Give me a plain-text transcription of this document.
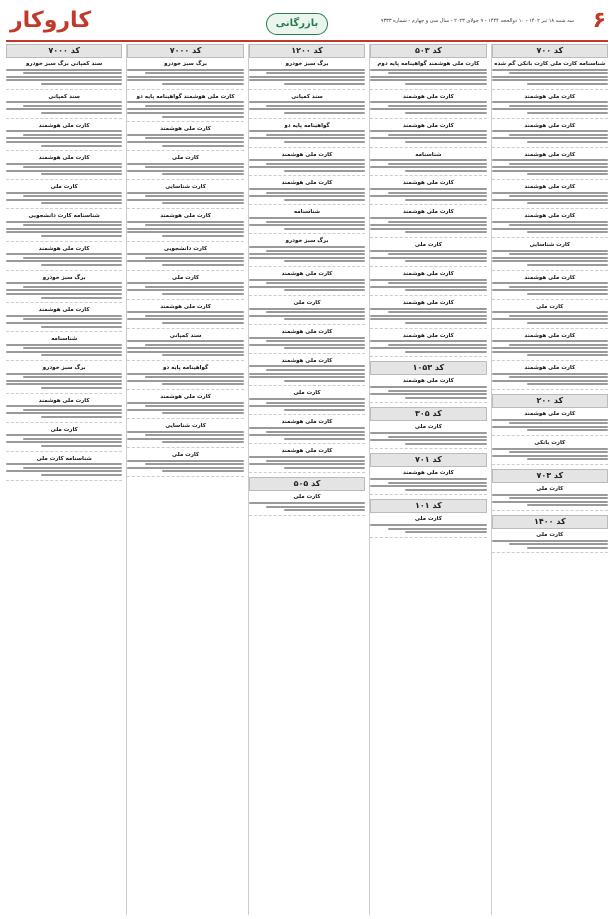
۶
سه شنبه ۱۸ تیر ۱۴۰۲ - ۱۰ ذوالحجه ۱۴۴۴ - ۹ جولای ۲۰۲۳ - سال سی و چهارم - شماره ۹۳۳۳
بازرگانی
کاروکار
کد ۷۰۰
شناسنامه کارت ملی کارت بانکی گم شده
کارت ملی هوشمند
کارت ملی هوشمند
کارت ملی هوشمند
کارت ملی هوشمند
کارت ملی هوشمند
کارت شناسایی
کارت ملی هوشمند
کارت ملی
کارت ملی هوشمند
کارت ملی هوشمند
کد ۲۰۰
کارت ملی هوشمند
کارت بانکی
کد ۷۰۳
کارت ملی
کد ۱۴۰۰
کارت ملی
کد ۵۰۳
کارت ملی هوشمند گواهینامه پایه دوم
کارت ملی هوشمند
کارت ملی هوشمند
شناسنامه
کارت ملی هوشمند
کارت ملی هوشمند
کارت ملی
کارت ملی هوشمند
کارت ملی هوشمند
کارت ملی هوشمند
کد ۱۰۵۳
کارت ملی هوشمند
کد ۳۰۵
کارت ملی
کد ۷۰۱
کارت ملی هوشمند
کد ۱۰۱
کارت ملی
کد ۱۲۰۰
برگ سبز خودرو
سند کمپانی
گواهینامه پایه دو
کارت ملی هوشمند
کارت ملی هوشمند
شناسنامه
برگ سبز خودرو
کارت ملی هوشمند
کارت ملی
کارت ملی هوشمند
کارت ملی هوشمند
کارت ملی
کارت ملی هوشمند
کارت ملی هوشمند
کد ۵۰۵
کارت ملی
کد ۷۰۰۰
برگ سبز خودرو
کارت ملی هوشمند گواهینامه پایه دو
کارت ملی هوشمند
کارت ملی
کارت شناسایی
کارت ملی هوشمند
کارت دانشجویی
کارت ملی
کارت ملی هوشمند
سند کمپانی
گواهینامه پایه دو
کارت ملی هوشمند
کارت شناسایی
کارت ملی
کد ۷۰۰۰
سند کمپانی برگ سبز خودرو
سند کمپانی
کارت ملی هوشمند
کارت ملی هوشمند
کارت ملی
شناسنامه کارت دانشجویی
کارت ملی هوشمند
برگ سبز خودرو
کارت ملی هوشمند
شناسنامه
برگ سبز خودرو
کارت ملی هوشمند
کارت ملی
شناسنامه کارت ملی
